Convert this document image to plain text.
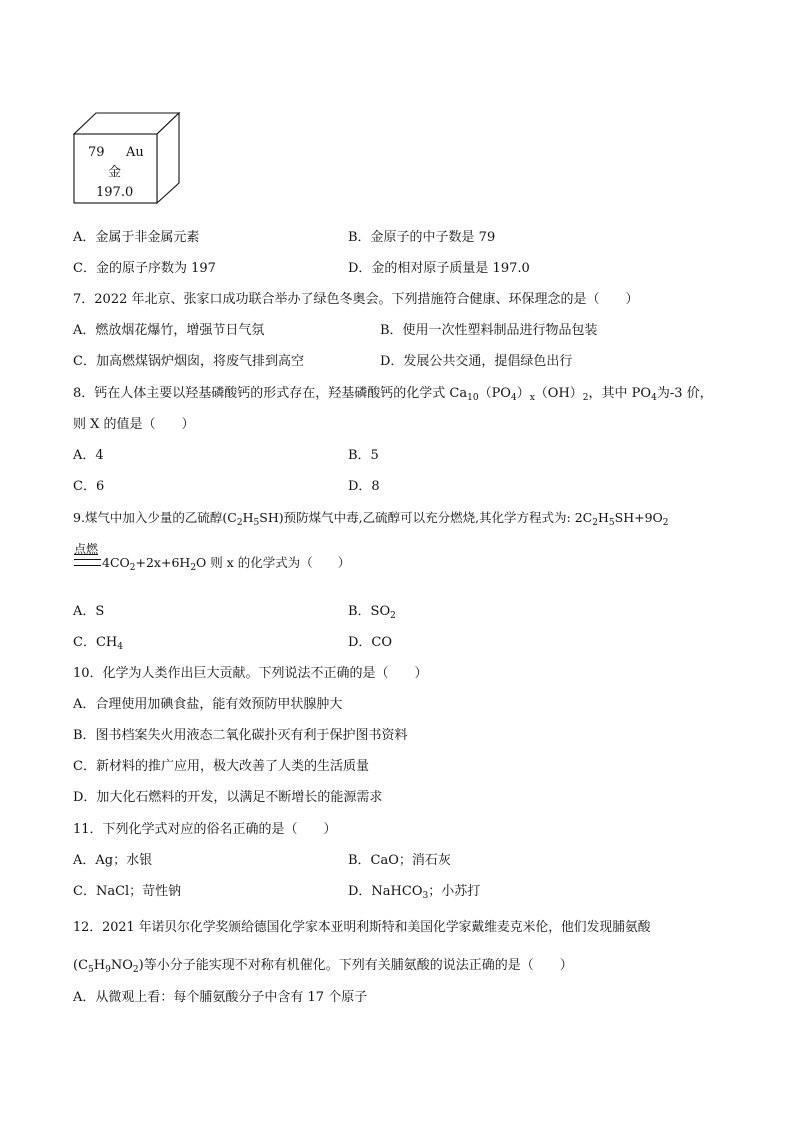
79 Au
金
197.0
A．金属于非金属元素	B．金原子的中子数是 79
C．金的原子序数为 197	D．金的相对原子质量是 197.0
7．2022 年北京、张家口成功联合举办了绿色冬奥会。下列措施符合健康、环保理念的是（　　）
A．燃放烟花爆竹，增强节日气氛	B．使用一次性塑料制品进行物品包装
C．加高燃煤锅炉烟囱，将废气排到高空	D．发展公共交通，提倡绿色出行
8．钙在人体主要以羟基磷酸钙的形式存在，羟基磷酸钙的化学式 $Ca_{10}(PO_4)_x(OH)_2$，其中 $PO_4$为-3 价，
则 X 的值是（　　）
A．4	B．5
C．6	D．8
9.煤气中加入少量的乙硫醇$(C_2H_5SH)$预防煤气中毒,乙硫醇可以充分燃烧,其化学方程式为: $2C_2H_5SH+9O_2$
点燃
$4CO_2+2x+6H_2O$ 则 x 的化学式为（　　）
A．S	B．$SO_2$
C．$CH_4$	D．CO
10．化学为人类作出巨大贡献。下列说法不正确的是（　　）
A．合理使用加碘食盐，能有效预防甲状腺肿大
B．图书档案失火用液态二氧化碳扑灭有利于保护图书资料
C．新材料的推广应用，极大改善了人类的生活质量
D．加大化石燃料的开发，以满足不断增长的能源需求
11．下列化学式对应的俗名正确的是（　　）
A．Ag；水银	B．CaO；消石灰
C．NaCl；苛性钠	D．NaHCO$_3$；小苏打
12．2021 年诺贝尔化学奖颁给德国化学家本亚明利斯特和美国化学家戴维麦克米伦，他们发现脯氨酸
$(C_5H_9NO_2)$等小分子能实现不对称有机催化。下列有关脯氨酸的说法正确的是（　　）
A．从微观上看：每个脯氨酸分子中含有 17 个原子
